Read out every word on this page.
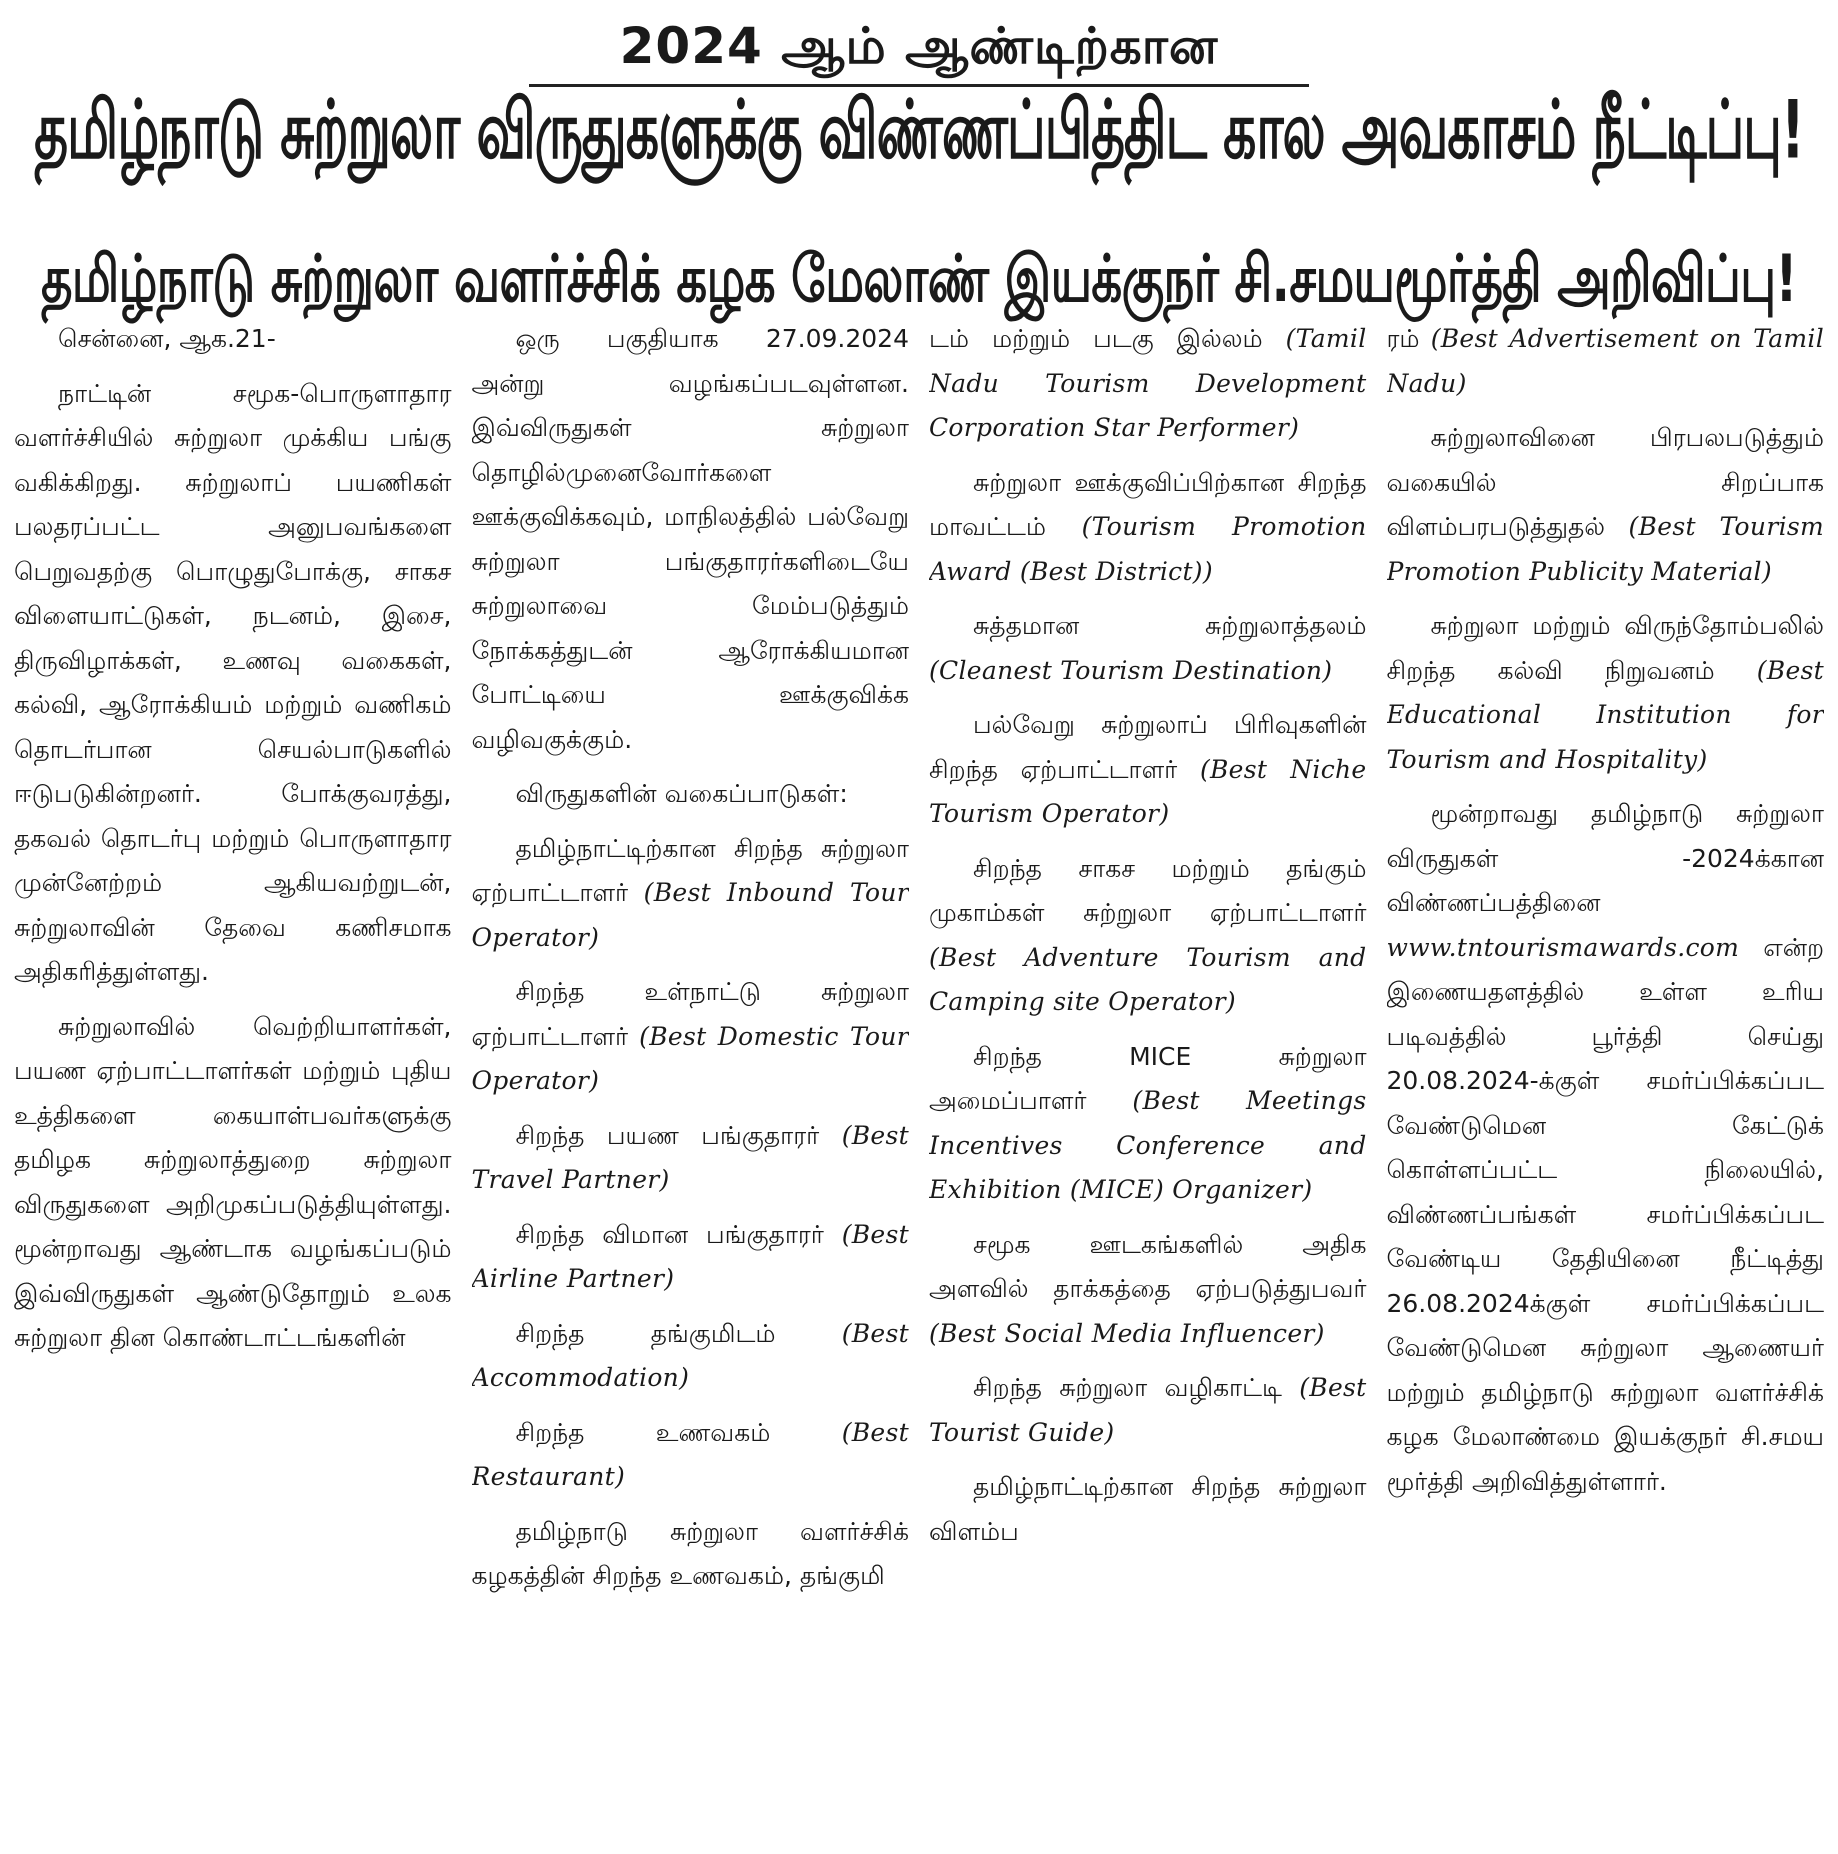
2024 ஆம் ஆண்டிற்கான
தமிழ்நாடு சுற்றுலா விருதுகளுக்கு விண்ணப்பித்திட கால அவகாசம் நீட்டிப்பு!
தமிழ்நாடு சுற்றுலா வளர்ச்சிக் கழக மேலாண் இயக்குநர் சி.சமயமூர்த்தி அறிவிப்பு!

சென்னை, ஆக.21-

நாட்டின் சமூக-பொருளாதார வளர்ச்சியில் சுற்றுலா முக்கிய பங்கு வகிக்கிறது. சுற்றுலாப் பயணிகள் பலதரப்பட்ட அனுபவங்களை பெறுவதற்கு பொழுதுபோக்கு, சாகச விளையாட்டுகள், நடனம், இசை, திருவிழாக்கள், உணவு வகைகள், கல்வி, ஆரோக்கியம் மற்றும் வணிகம் தொடர்பான செயல்பாடுகளில் ஈடுபடுகின்றனர். போக்குவரத்து, தகவல் தொடர்பு மற்றும் பொருளாதார முன்னேற்றம் ஆகியவற்றுடன், சுற்றுலாவின் தேவை கணிசமாக அதிகரித்துள்ளது.

சுற்றுலாவில் வெற்றியாளர்கள், பயண ஏற்பாட்டாளர்கள் மற்றும் புதிய உத்திகளை கையாள்பவர்களுக்கு தமிழக சுற்றுலாத்துறை சுற்றுலா விருதுகளை அறிமுகப்படுத்தியுள்ளது. மூன்றாவது ஆண்டாக வழங்கப்படும் இவ்விருதுகள் ஆண்டுதோறும் உலக சுற்றுலா தின கொண்டாட்டங்களின்

ஒரு பகுதியாக 27.09.2024 அன்று வழங்கப்படவுள்ளன. இவ்விருதுகள் சுற்றுலா தொழில்முனைவோர்களை ஊக்குவிக்கவும், மாநிலத்தில் பல்வேறு சுற்றுலா பங்குதாரர்களிடையே சுற்றுலாவை மேம்படுத்தும் நோக்கத்துடன் ஆரோக்கியமான போட்டியை ஊக்குவிக்க வழிவகுக்கும்.

விருதுகளின் வகைப்பாடுகள்:

தமிழ்நாட்டிற்கான சிறந்த சுற்றுலா ஏற்பாட்டாளர் (Best Inbound Tour Operator)

சிறந்த உள்நாட்டு சுற்றுலா ஏற்பாட்டாளர் (Best Domestic Tour Operator)

சிறந்த பயண பங்குதாரர் (Best Travel Partner)

சிறந்த விமான பங்குதாரர் (Best Airline Partner)

சிறந்த தங்குமிடம்	(Best Accommodation)

சிறந்த உணவகம்	(Best Restaurant)

தமிழ்நாடு சுற்றுலா வளர்ச்சிக் கழகத்தின் சிறந்த உணவகம், தங்குமி

டம் மற்றும் படகு இல்லம் (Tamil Nadu Tourism Development Corporation Star Performer)

சுற்றுலா ஊக்குவிப்பிற்கான சிறந்த மாவட்டம் (Tourism Promotion Award (Best District))

சுத்தமான சுற்றுலாத்தலம் (Cleanest Tourism Destination)

பல்வேறு சுற்றுலாப் பிரிவுகளின் சிறந்த ஏற்பாட்டாளர் (Best Niche Tourism Operator)

சிறந்த சாகச மற்றும் தங்கும் முகாம்கள் சுற்றுலா ஏற்பாட்டாளர் (Best Adventure Tourism and Camping site Operator)

சிறந்த MICE சுற்றுலா அமைப்பாளர் (Best Meetings Incentives Conference and Exhibition (MICE) Organizer)

சமூக ஊடகங்களில் அதிக அளவில் தாக்கத்தை ஏற்படுத்துபவர் (Best Social Media Influencer)

சிறந்த சுற்றுலா வழிகாட்டி (Best Tourist Guide)

தமிழ்நாட்டிற்கான சிறந்த சுற்றுலா விளம்ப

ரம் (Best Advertisement on Tamil Nadu)

சுற்றுலாவினை பிரபலபடுத்தும் வகையில் சிறப்பாக விளம்பரபடுத்துதல் (Best Tourism Promotion Publicity Material)

சுற்றுலா மற்றும் விருந்தோம்பலில் சிறந்த கல்வி நிறுவனம் (Best Educational Institution for Tourism and Hospitality)

மூன்றாவது தமிழ்நாடு சுற்றுலா விருதுகள் -2024க்கான விண்ணப்பத்தினை www.tntourismawards.com என்ற இணையதளத்தில் உள்ள உரிய படிவத்தில் பூர்த்தி செய்து 20.08.2024-க்குள் சமர்ப்பிக்கப்பட வேண்டுமென கேட்டுக் கொள்ளப்பட்ட நிலையில், விண்ணப்பங்கள் சமர்ப்பிக்கப்பட வேண்டிய தேதியினை நீட்டித்து 26.08.2024க்குள் சமர்ப்பிக்கப்பட வேண்டுமென சுற்றுலா ஆணையர் மற்றும் தமிழ்நாடு சுற்றுலா வளர்ச்சிக் கழக மேலாண்மை இயக்குநர் சி.சமய மூர்த்தி அறிவித்துள்ளார்.
